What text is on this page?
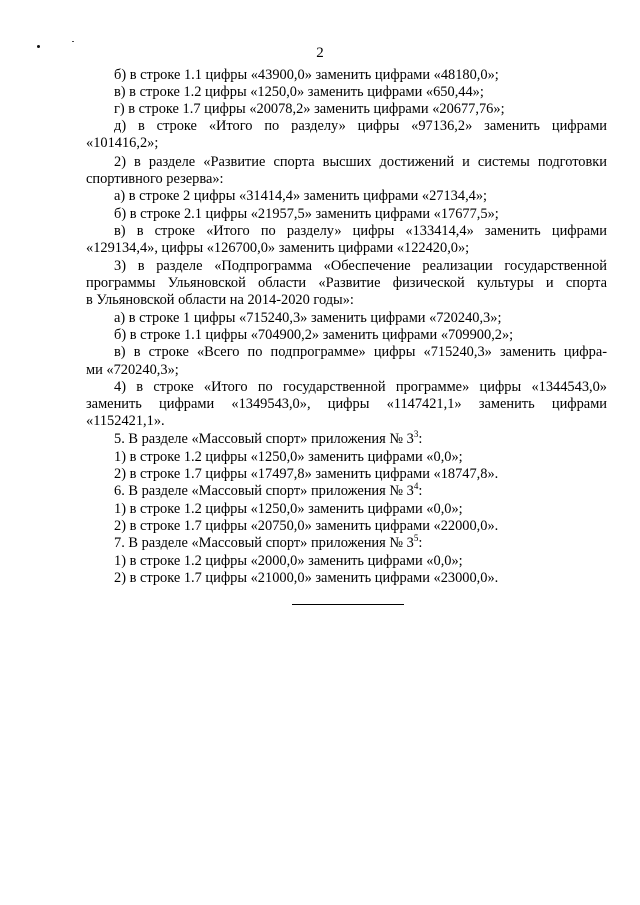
2
б) в строке 1.1 цифры «43900,0» заменить цифрами «48180,0»;
в) в строке 1.2 цифры «1250,0» заменить цифрами «650,44»;
г) в строке 1.7 цифры «20078,2» заменить цифрами «20677,76»;
д) в строке «Итого по разделу» цифры «97136,2» заменить цифрами
«101416,2»;
2) в разделе «Развитие спорта высших достижений и системы подготовки
спортивного резерва»:
а) в строке 2 цифры «31414,4» заменить цифрами «27134,4»;
б) в строке 2.1 цифры «21957,5» заменить цифрами «17677,5»;
в) в строке «Итого по разделу» цифры «133414,4» заменить цифрами
«129134,4», цифры «126700,0» заменить цифрами «122420,0»;
3) в разделе «Подпрограмма «Обеспечение реализации государственной
программы Ульяновской области «Развитие физической культуры и спорта
в Ульяновской области на 2014-2020 годы»:
а) в строке 1 цифры «715240,3» заменить цифрами «720240,3»;
б) в строке 1.1 цифры «704900,2» заменить цифрами «709900,2»;
в) в строке «Всего по подпрограмме» цифры «715240,3» заменить цифра-
ми «720240,3»;
4) в строке «Итого по государственной программе» цифры «1344543,0»
заменить цифрами «1349543,0», цифры «1147421,1» заменить цифрами
«1152421,1».
5. В разделе «Массовый спорт» приложения № $3^3$:
1) в строке 1.2 цифры «1250,0» заменить цифрами «0,0»;
2) в строке 1.7 цифры «17497,8» заменить цифрами «18747,8».
6. В разделе «Массовый спорт» приложения № $3^4$:
1) в строке 1.2 цифры «1250,0» заменить цифрами «0,0»;
2) в строке 1.7 цифры «20750,0» заменить цифрами «22000,0».
7. В разделе «Массовый спорт» приложения № $3^5$:
1) в строке 1.2 цифры «2000,0» заменить цифрами «0,0»;
2) в строке 1.7 цифры «21000,0» заменить цифрами «23000,0».
